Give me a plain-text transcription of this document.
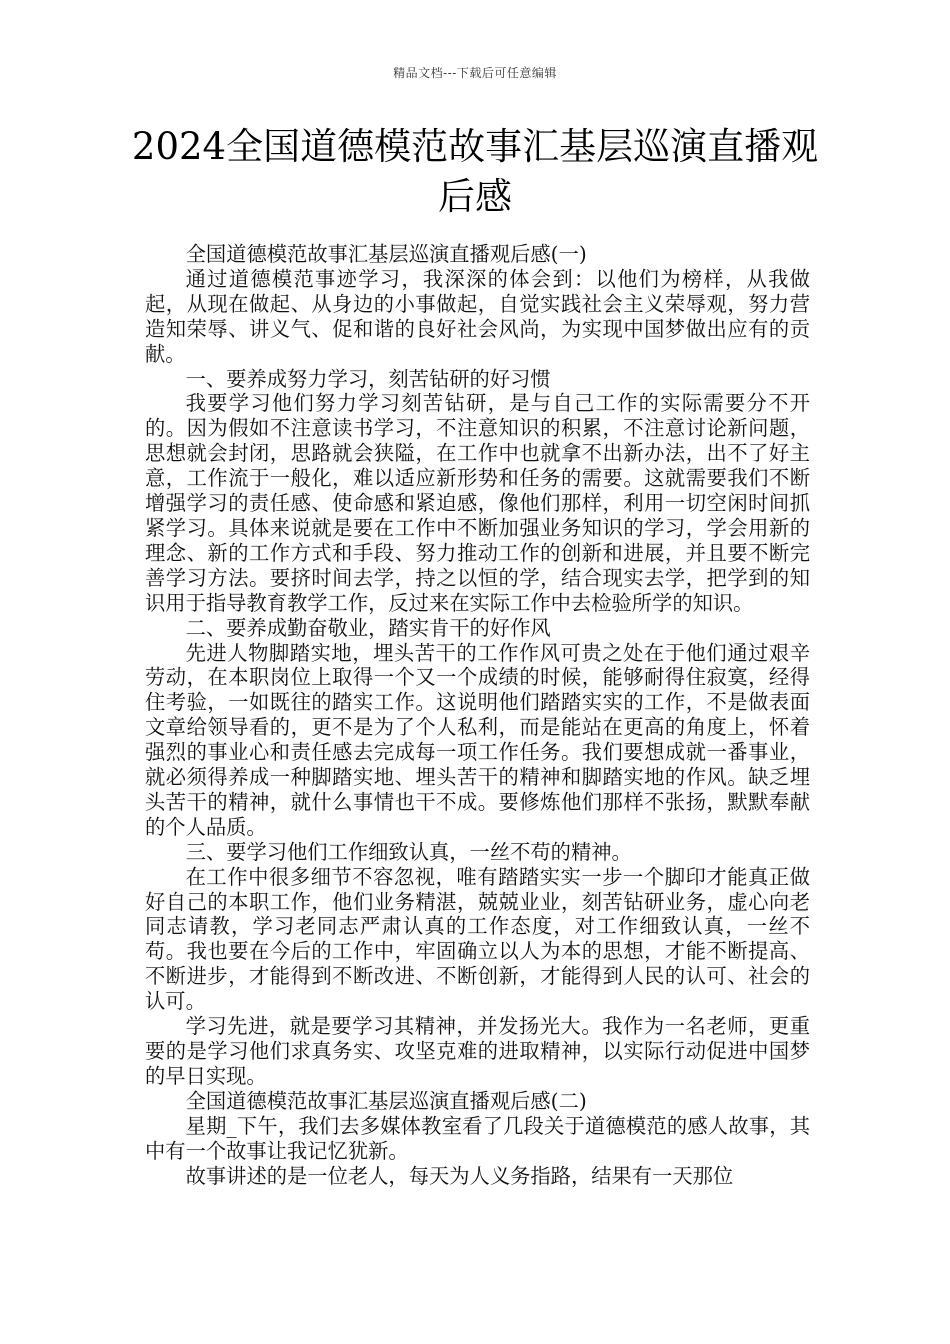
精品文档---下载后可任意编辑
2024全国道德模范故事汇基层巡演直播观后感

全国道德模范故事汇基层巡演直播观后感(一)

通过道德模范事迹学习，我深深的体会到：以他们为榜样，从我做起，从现在做起、从身边的小事做起，自觉实践社会主义荣辱观，努力营造知荣辱、讲义气、促和谐的良好社会风尚，为实现中国梦做出应有的贡献。

一、要养成努力学习，刻苦钻研的好习惯

我要学习他们努力学习刻苦钻研，是与自己工作的实际需要分不开的。因为假如不注意读书学习，不注意知识的积累，不注意讨论新问题，思想就会封闭，思路就会狭隘，在工作中也就拿不出新办法，出不了好主意，工作流于一般化，难以适应新形势和任务的需要。这就需要我们不断增强学习的责任感、使命感和紧迫感，像他们那样，利用一切空闲时间抓紧学习。具体来说就是要在工作中不断加强业务知识的学习，学会用新的理念、新的工作方式和手段、努力推动工作的创新和进展，并且要不断完善学习方法。要挤时间去学，持之以恒的学，结合现实去学，把学到的知识用于指导教育教学工作，反过来在实际工作中去检验所学的知识。

二、要养成勤奋敬业，踏实肯干的好作风

先进人物脚踏实地，埋头苦干的工作作风可贵之处在于他们通过艰辛劳动，在本职岗位上取得一个又一个成绩的时候，能够耐得住寂寞，经得住考验，一如既往的踏实工作。这说明他们踏踏实实的工作，不是做表面文章给领导看的，更不是为了个人私利，而是能站在更高的角度上，怀着强烈的事业心和责任感去完成每一项工作任务。我们要想成就一番事业，就必须得养成一种脚踏实地、埋头苦干的精神和脚踏实地的作风。缺乏埋头苦干的精神，就什么事情也干不成。要修炼他们那样不张扬，默默奉献的个人品质。

三、要学习他们工作细致认真，一丝不苟的精神。

在工作中很多细节不容忽视，唯有踏踏实实一步一个脚印才能真正做好自己的本职工作，他们业务精湛，兢兢业业，刻苦钻研业务，虚心向老同志请教，学习老同志严肃认真的工作态度，对工作细致认真，一丝不苟。我也要在今后的工作中，牢固确立以人为本的思想，才能不断提高、不断进步，才能得到不断改进、不断创新，才能得到人民的认可、社会的认可。

学习先进，就是要学习其精神，并发扬光大。我作为一名老师，更重要的是学习他们求真务实、攻坚克难的进取精神，以实际行动促进中国梦的早日实现。

全国道德模范故事汇基层巡演直播观后感(二)

星期_下午，我们去多媒体教室看了几段关于道德模范的感人故事，其中有一个故事让我记忆犹新。

故事讲述的是一位老人，每天为人义务指路，结果有一天那位
